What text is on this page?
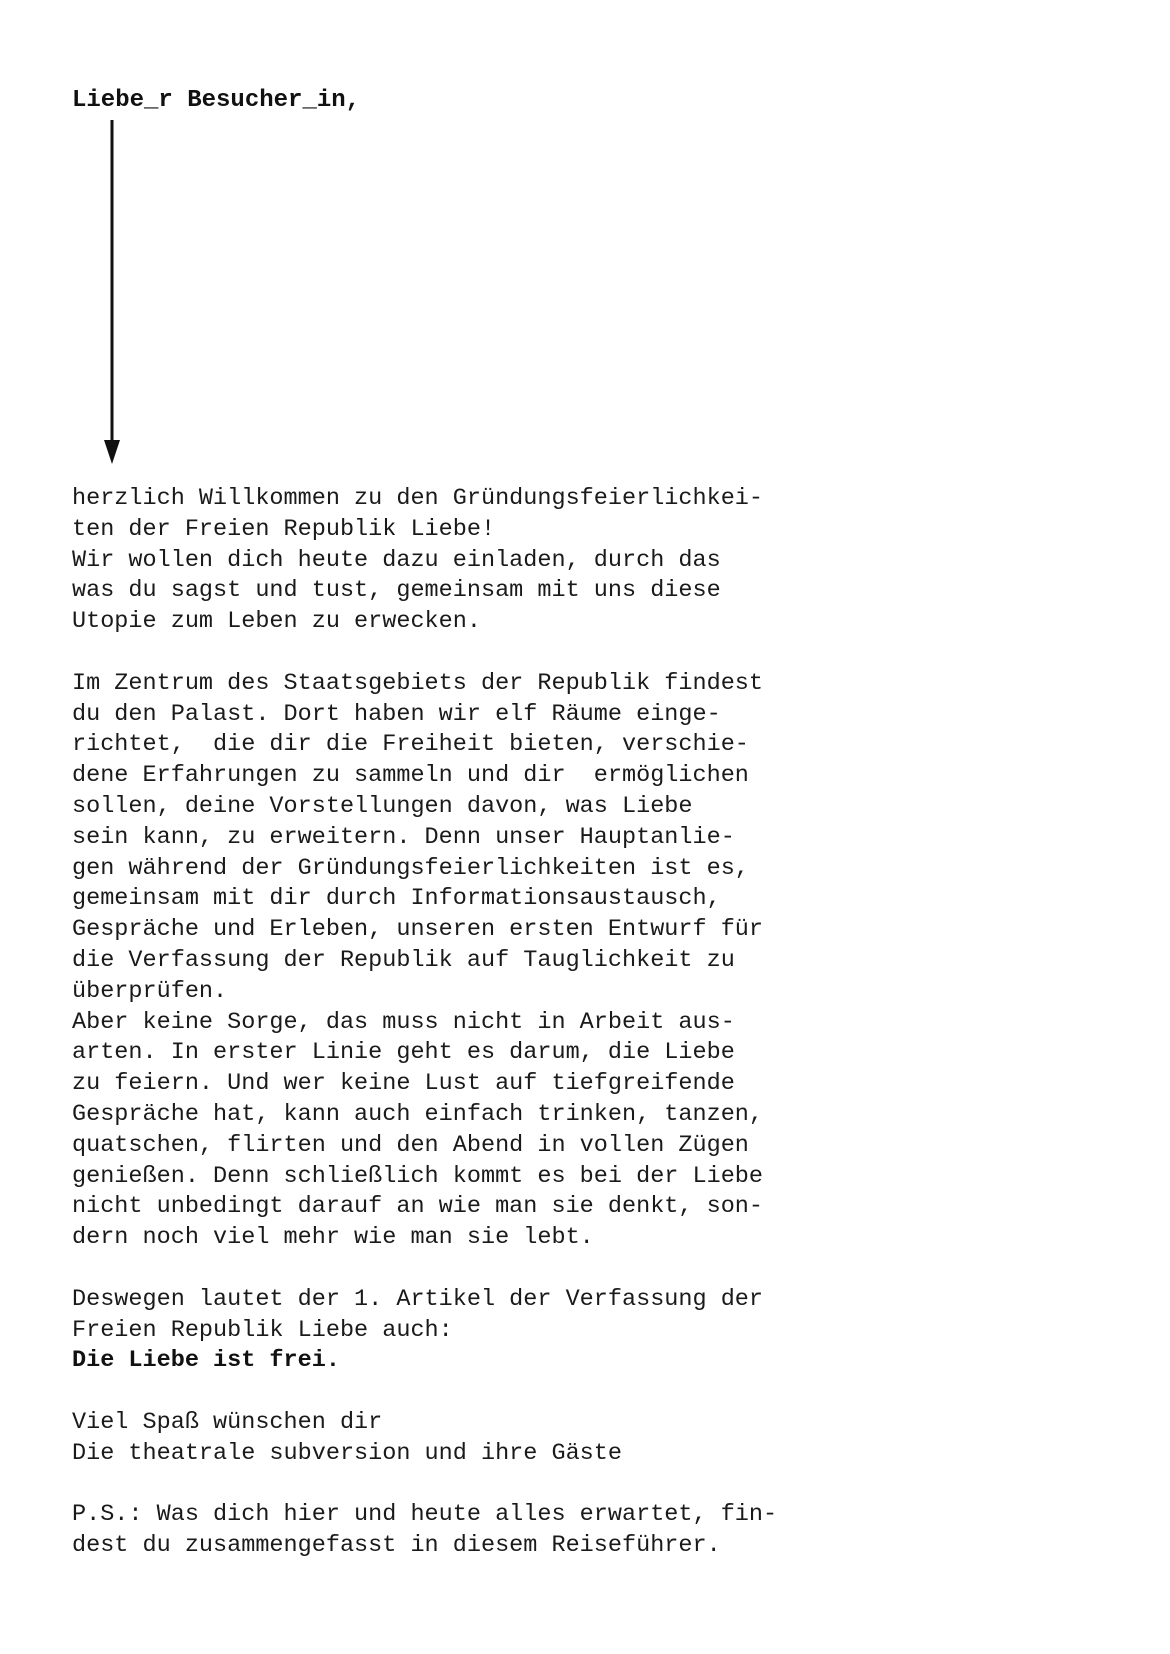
Liebe_r Besucher_in,
herzlich Willkommen zu den Gründungsfeierlichkei-
ten der Freien Republik Liebe!
Wir wollen dich heute dazu einladen, durch das
was du sagst und tust, gemeinsam mit uns diese
Utopie zum Leben zu erwecken.
Im Zentrum des Staatsgebiets der Republik findest
du den Palast. Dort haben wir elf Räume einge-
richtet,  die dir die Freiheit bieten, verschie-
dene Erfahrungen zu sammeln und dir  ermöglichen
sollen, deine Vorstellungen davon, was Liebe
sein kann, zu erweitern. Denn unser Hauptanlie-
gen während der Gründungsfeierlichkeiten ist es,
gemeinsam mit dir durch Informationsaustausch,
Gespräche und Erleben, unseren ersten Entwurf für
die Verfassung der Republik auf Tauglichkeit zu
überprüfen.
Aber keine Sorge, das muss nicht in Arbeit aus-
arten. In erster Linie geht es darum, die Liebe
zu feiern. Und wer keine Lust auf tiefgreifende
Gespräche hat, kann auch einfach trinken, tanzen,
quatschen, flirten und den Abend in vollen Zügen
genießen. Denn schließlich kommt es bei der Liebe
nicht unbedingt darauf an wie man sie denkt, son-
dern noch viel mehr wie man sie lebt.
Deswegen lautet der 1. Artikel der Verfassung der
Freien Republik Liebe auch:
Die Liebe ist frei.
Viel Spaß wünschen dir
Die theatrale subversion und ihre Gäste
P.S.: Was dich hier und heute alles erwartet, fin-
dest du zusammengefasst in diesem Reiseführer.
